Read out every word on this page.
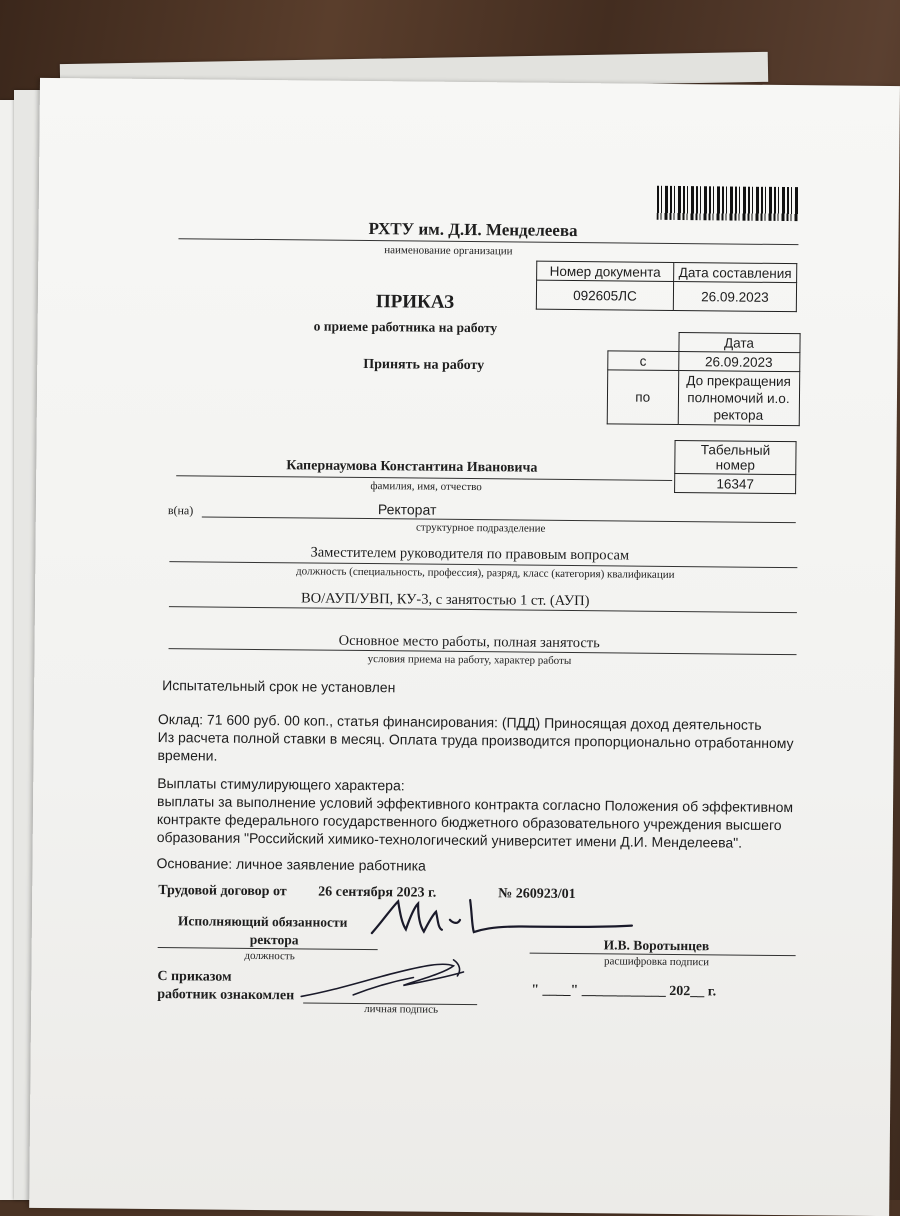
РХТУ им. Д.И. Менделеева
наименование организации
Номер документа	Дата составления
092605ЛС	26.09.2023
ПРИКАЗ
о приеме работника на работу
Принять на работу
	Дата
с	26.09.2023
по	До прекращения полномочий и.о. ректора
Табельный номер
16347
Капернаумова Константина Ивановича
фамилия, имя, отчество
в(на)	Ректорат
структурное подразделение
Заместителем руководителя по правовым вопросам
должность (специальность, профессия), разряд, класс (категория) квалификации
ВО/АУП/УВП, КУ-3, с занятостью 1 ст. (АУП)
Основное место работы, полная занятость
условия приема на работу, характер работы
Испытательный срок не установлен
Оклад: 71 600 руб. 00 коп., статья финансирования: (ПДД) Приносящая доход деятельность
Из расчета полной ставки в месяц. Оплата труда производится пропорционально отработанному
времени.
Выплаты стимулирующего характера:
выплаты за выполнение условий эффективного контракта согласно Положения об эффективном
контракте федерального государственного бюджетного образовательного учреждения высшего
образования "Российский химико-технологический университет имени Д.И. Менделеева".
Основание: личное заявление работника
Трудовой договор от 26 сентября 2023 г.	№ 260923/01
Исполняющий обязанности
ректора
должность
И.В. Воротынцев
расшифровка подписи
С приказом
работник ознакомлен
личная подпись
" ____" ____________ 202__ г.
